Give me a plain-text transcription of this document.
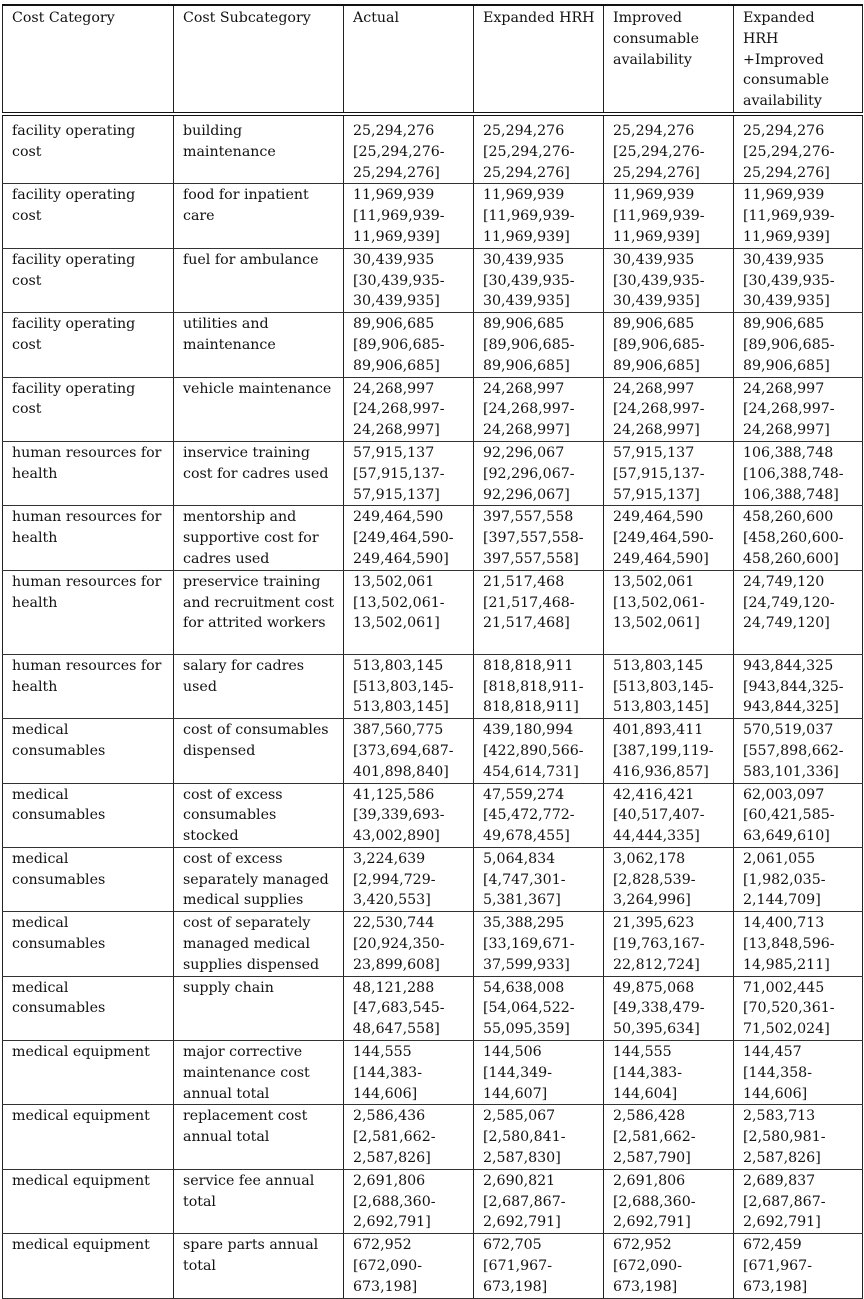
Cost Category	Cost Subcategory	Actual	Expanded HRH	Improved consumable availability	Expanded HRH +Improved consumable availability
facility operating cost	building maintenance	25,294,276 [25,294,276-25,294,276]	25,294,276 [25,294,276-25,294,276]	25,294,276 [25,294,276-25,294,276]	25,294,276 [25,294,276-25,294,276]
facility operating cost	food for inpatient care	11,969,939 [11,969,939-11,969,939]	11,969,939 [11,969,939-11,969,939]	11,969,939 [11,969,939-11,969,939]	11,969,939 [11,969,939-11,969,939]
facility operating cost	fuel for ambulance	30,439,935 [30,439,935-30,439,935]	30,439,935 [30,439,935-30,439,935]	30,439,935 [30,439,935-30,439,935]	30,439,935 [30,439,935-30,439,935]
facility operating cost	utilities and maintenance	89,906,685 [89,906,685-89,906,685]	89,906,685 [89,906,685-89,906,685]	89,906,685 [89,906,685-89,906,685]	89,906,685 [89,906,685-89,906,685]
facility operating cost	vehicle maintenance	24,268,997 [24,268,997-24,268,997]	24,268,997 [24,268,997-24,268,997]	24,268,997 [24,268,997-24,268,997]	24,268,997 [24,268,997-24,268,997]
human resources for health	inservice training cost for cadres used	57,915,137 [57,915,137-57,915,137]	92,296,067 [92,296,067-92,296,067]	57,915,137 [57,915,137-57,915,137]	106,388,748 [106,388,748-106,388,748]
human resources for health	mentorship and supportive cost for cadres used	249,464,590 [249,464,590-249,464,590]	397,557,558 [397,557,558-397,557,558]	249,464,590 [249,464,590-249,464,590]	458,260,600 [458,260,600-458,260,600]
human resources for health	preservice training and recruitment cost for attrited workers	13,502,061 [13,502,061-13,502,061]	21,517,468 [21,517,468-21,517,468]	13,502,061 [13,502,061-13,502,061]	24,749,120 [24,749,120-24,749,120]
human resources for health	salary for cadres used	513,803,145 [513,803,145-513,803,145]	818,818,911 [818,818,911-818,818,911]	513,803,145 [513,803,145-513,803,145]	943,844,325 [943,844,325-943,844,325]
medical consumables	cost of consumables dispensed	387,560,775 [373,694,687-401,898,840]	439,180,994 [422,890,566-454,614,731]	401,893,411 [387,199,119-416,936,857]	570,519,037 [557,898,662-583,101,336]
medical consumables	cost of excess consumables stocked	41,125,586 [39,339,693-43,002,890]	47,559,274 [45,472,772-49,678,455]	42,416,421 [40,517,407-44,444,335]	62,003,097 [60,421,585-63,649,610]
medical consumables	cost of excess separately managed medical supplies	3,224,639 [2,994,729-3,420,553]	5,064,834 [4,747,301-5,381,367]	3,062,178 [2,828,539-3,264,996]	2,061,055 [1,982,035-2,144,709]
medical consumables	cost of separately managed medical supplies dispensed	22,530,744 [20,924,350-23,899,608]	35,388,295 [33,169,671-37,599,933]	21,395,623 [19,763,167-22,812,724]	14,400,713 [13,848,596-14,985,211]
medical consumables	supply chain	48,121,288 [47,683,545-48,647,558]	54,638,008 [54,064,522-55,095,359]	49,875,068 [49,338,479-50,395,634]	71,002,445 [70,520,361-71,502,024]
medical equipment	major corrective maintenance cost annual total	144,555 [144,383-144,606]	144,506 [144,349-144,607]	144,555 [144,383-144,604]	144,457 [144,358-144,606]
medical equipment	replacement cost annual total	2,586,436 [2,581,662-2,587,826]	2,585,067 [2,580,841-2,587,830]	2,586,428 [2,581,662-2,587,790]	2,583,713 [2,580,981-2,587,826]
medical equipment	service fee annual total	2,691,806 [2,688,360-2,692,791]	2,690,821 [2,687,867-2,692,791]	2,691,806 [2,688,360-2,692,791]	2,689,837 [2,687,867-2,692,791]
medical equipment	spare parts annual total	672,952 [672,090-673,198]	672,705 [671,967-673,198]	672,952 [672,090-673,198]	672,459 [671,967-673,198]
